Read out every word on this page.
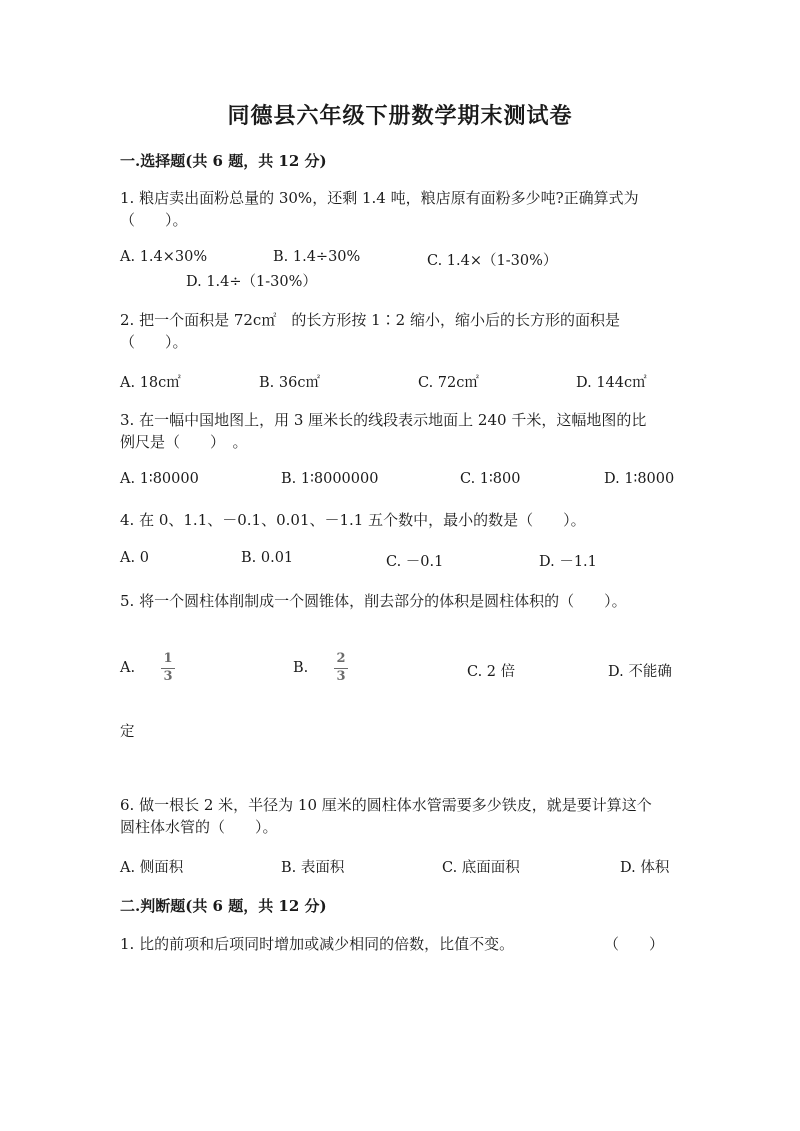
同德县六年级下册数学期末测试卷
一.选择题(共 6 题，共 12 分)
1. 粮店卖出面粉总量的 30%，还剩 1.4 吨，粮店原有面粉多少吨?正确算式为
（　　）。
A. 1.4×30%	B. 1.4÷30%	C. 1.4×（1-30%）
D. 1.4÷（1-30%）
2. 把一个面积是 72c㎡　的长方形按 1∶2 缩小，缩小后的长方形的面积是
（　　）。
A. 18c㎡	B. 36c㎡	C. 72c㎡	D. 144c㎡
3. 在一幅中国地图上，用 3 厘米长的线段表示地面上 240 千米，这幅地图的比
例尺是（　　）　。
A. 1∶80000	B. 1∶8000000	C. 1∶800	D. 1∶8000
4. 在 0、1.1、－0.1、0.01、－1.1 五个数中，最小的数是（　　）。
A. 0	B. 0.01	C. －0.1	D. －1.1
5. 将一个圆柱体削制成一个圆锥体，削去部分的体积是圆柱体积的（　　）。
A.
1
3
B.
2
3	C. 2 倍	D. 不能确
定
6. 做一根长 2 米，半径为 10 厘米的圆柱体水管需要多少铁皮，就是要计算这个
圆柱体水管的（　　）。
A. 侧面积	B. 表面积	C. 底面面积	D. 体积
二.判断题(共 6 题，共 12 分)
1. 比的前项和后项同时增加或减少相同的倍数，比值不变。	（　　）
